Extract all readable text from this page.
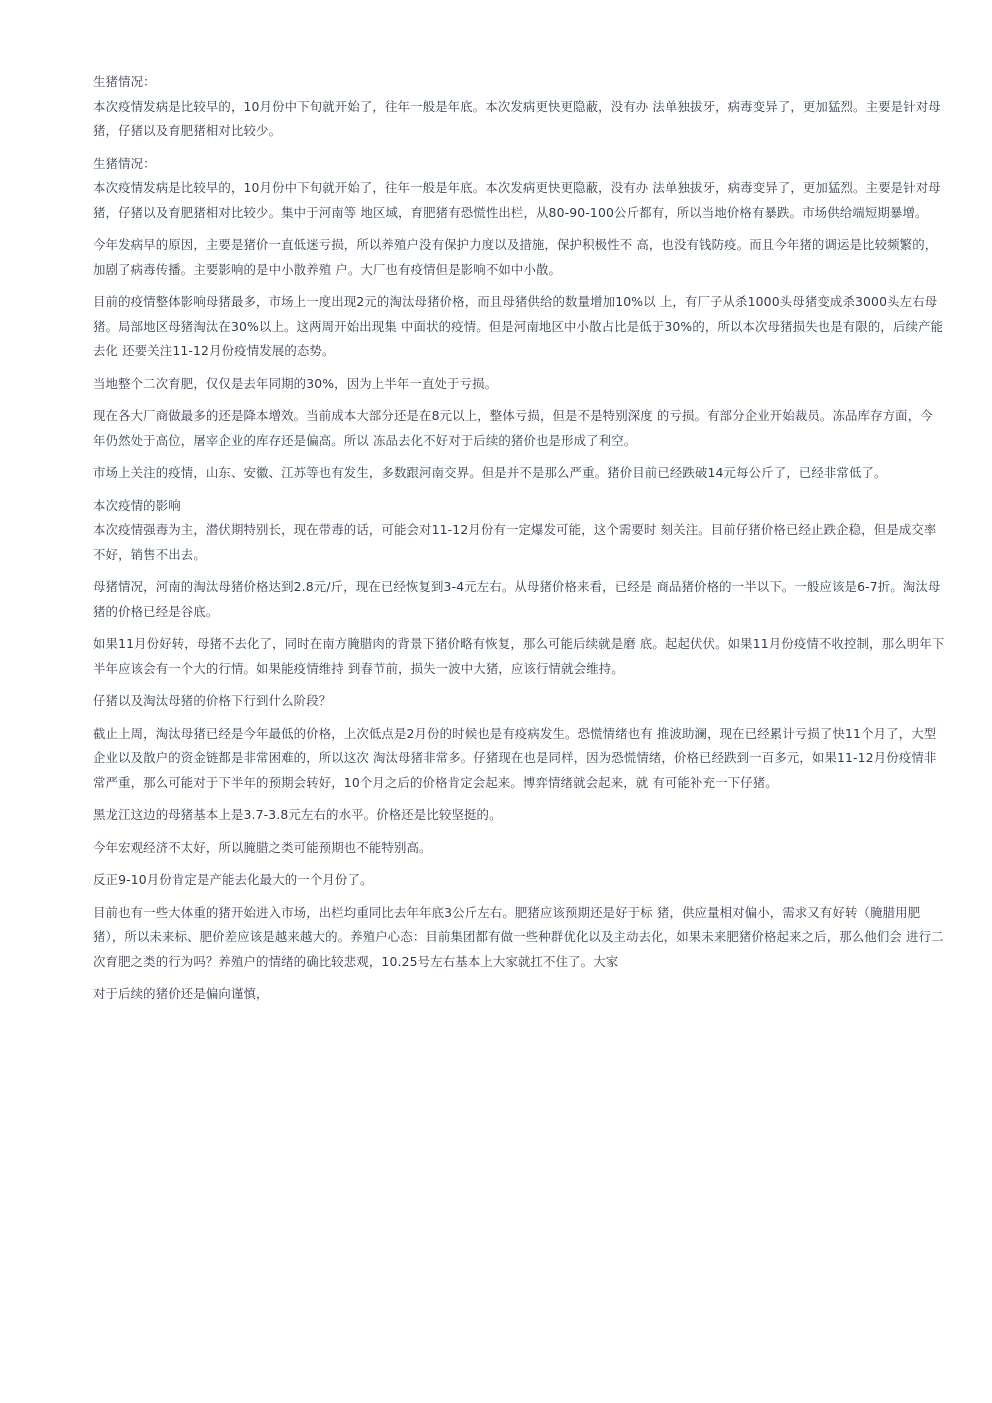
生猪情况：
本次疫情发病是比较早的，10月份中下旬就开始了，往年一般是年底。本次发病更快更隐蔽，没有办 法单独拔牙，病毒变异了，更加猛烈。主要是针对母猪，仔猪以及育肥猪相对比较少。
生猪情况：
本次疫情发病是比较早的，10月份中下旬就开始了，往年一般是年底。本次发病更快更隐蔽，没有办 法单独拔牙，病毒变异了，更加猛烈。主要是针对母猪，仔猪以及育肥猪相对比较少。集中于河南等 地区域，育肥猪有恐慌性出栏，从80-90-100公斤都有，所以当地价格有暴跌。市场供给端短期暴增。
今年发病早的原因，主要是猪价一直低迷亏损，所以养殖户没有保护力度以及措施，保护积极性不 高，也没有钱防疫。而且今年猪的调运是比较频繁的，加剧了病毒传播。主要影响的是中小散养殖 户。大厂也有疫情但是影响不如中小散。
目前的疫情整体影响母猪最多，市场上一度出现2元的淘汰母猪价格，而且母猪供给的数量增加10%以 上，有厂子从杀1000头母猪变成杀3000头左右母猪。局部地区母猪淘汰在30%以上。这两周开始出现集 中面状的疫情。但是河南地区中小散占比是低于30%的，所以本次母猪损失也是有限的，后续产能去化 还要关注11-12月份疫情发展的态势。
当地整个二次育肥，仅仅是去年同期的30%，因为上半年一直处于亏损。
现在各大厂商做最多的还是降本增效。当前成本大部分还是在8元以上，整体亏损，但是不是特别深度 的亏损。有部分企业开始裁员。冻品库存方面，今年仍然处于高位，屠宰企业的库存还是偏高。所以 冻品去化不好对于后续的猪价也是形成了利空。
市场上关注的疫情，山东、安徽、江苏等也有发生，多数跟河南交界。但是并不是那么严重。猪价目前已经跌破14元每公斤了，已经非常低了。
本次疫情的影响
本次疫情强毒为主，潜伏期特别长，现在带毒的话，可能会对11-12月份有一定爆发可能，这个需要时 刻关注。目前仔猪价格已经止跌企稳，但是成交率不好，销售不出去。
母猪情况，河南的淘汰母猪价格达到2.8元/斤，现在已经恢复到3-4元左右。从母猪价格来看，已经是 商品猪价格的一半以下。一般应该是6-7折。淘汰母猪的价格已经是谷底。
如果11月份好转，母猪不去化了，同时在南方腌腊肉的背景下猪价略有恢复，那么可能后续就是磨 底。起起伏伏。如果11月份疫情不收控制，那么明年下半年应该会有一个大的行情。如果能疫情维持 到春节前，损失一波中大猪，应该行情就会维持。
仔猪以及淘汰母猪的价格下行到什么阶段？
截止上周，淘汰母猪已经是今年最低的价格，上次低点是2月份的时候也是有疫病发生。恐慌情绪也有 推波助澜，现在已经累计亏损了快11个月了，大型企业以及散户的资金链都是非常困难的，所以这次 淘汰母猪非常多。仔猪现在也是同样，因为恐慌情绪，价格已经跌到一百多元，如果11-12月份疫情非 常严重，那么可能对于下半年的预期会转好，10个月之后的价格肯定会起来。博弈情绪就会起来，就 有可能补充一下仔猪。
黑龙江这边的母猪基本上是3.7-3.8元左右的水平。价格还是比较坚挺的。
今年宏观经济不太好，所以腌腊之类可能预期也不能特别高。
反正9-10月份肯定是产能去化最大的一个月份了。
目前也有一些大体重的猪开始进入市场，出栏均重同比去年年底3公斤左右。肥猪应该预期还是好于标 猪，供应量相对偏小，需求又有好转（腌腊用肥猪），所以未来标、肥价差应该是越来越大的。养殖户心态：目前集团都有做一些种群优化以及主动去化，如果未来肥猪价格起来之后，那么他们会 进行二次育肥之类的行为吗？养殖户的情绪的确比较悲观，10.25号左右基本上大家就扛不住了。大家
对于后续的猪价还是偏向谨慎，
